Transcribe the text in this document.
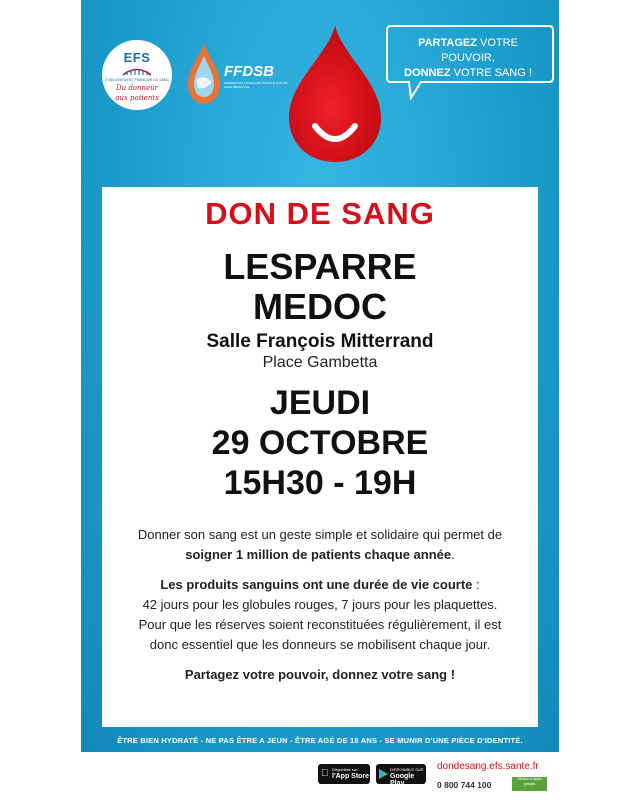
EFS
ÉTABLISSEMENT FRANÇAIS DU SANG
Du donneur
aux patients
FFDSB
FÉDÉRATION FRANÇAISE POUR LE DON DE SANG BÉNÉVOLE
PARTAGEZ VOTRE POUVOIR,
DONNEZ VOTRE SANG !
DON DE SANG
LESPARRE
MEDOC
Salle François Mitterrand
Place Gambetta
JEUDI
29 OCTOBRE
15H30 - 19H
Donner son sang est un geste simple et solidaire qui permet de
soigner 1 million de patients chaque année.
Les produits sanguins ont une durée de vie courte :
42 jours pour les globules rouges, 7 jours pour les plaquettes.
Pour que les réserves soient reconstituées régulièrement, il est
donc essentiel que les donneurs se mobilisent chaque jour.
Partagez votre pouvoir, donnez votre sang !
ÊTRE BIEN HYDRATÉ - NE PAS ÊTRE A JEUN - ÊTRE AGÉ DE 18 ANS - SE MUNIR D'UNE PIÈCE D'IDENTITÉ.
Disponible sur
l'App Store
DISPONIBLE SUR
Google Play
dondesang.efs.sante.fr
0 800 744 100
Service & appel gratuits
